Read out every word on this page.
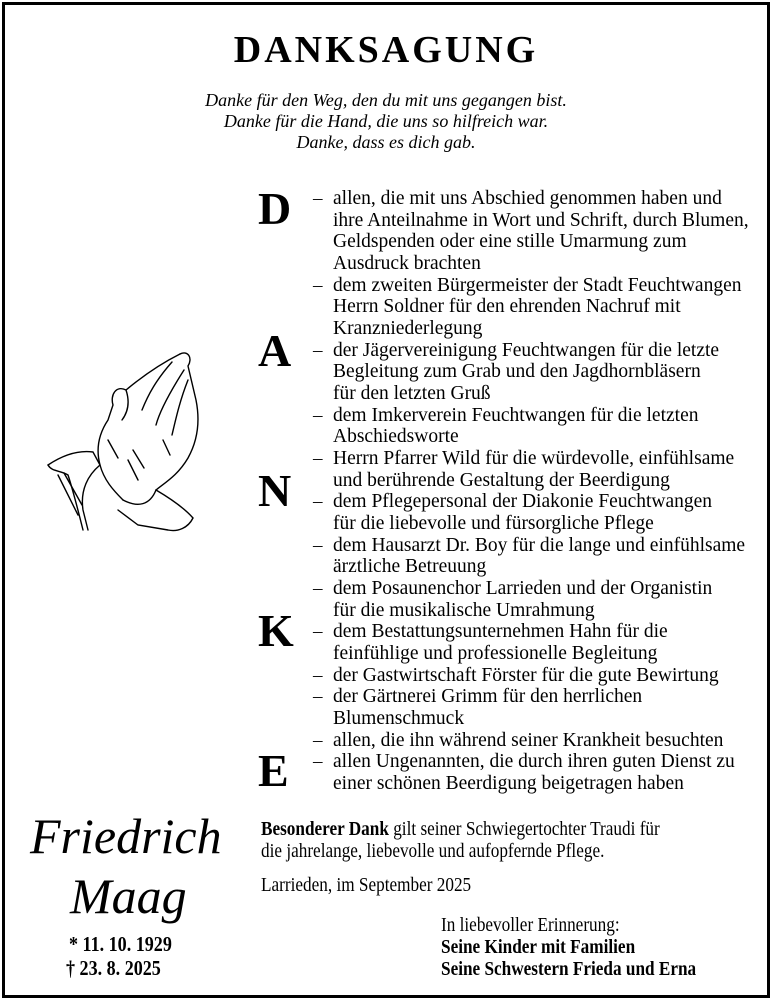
DANKSAGUNG
Danke für den Weg, den du mit uns gegangen bist.
Danke für die Hand, die uns so hilfreich war.
Danke, dass es dich gab.
D
A
N
K
E
– allen, die mit uns Abschied genommen haben und
ihre Anteilnahme in Wort und Schrift, durch Blumen,
Geldspenden oder eine stille Umarmung zum
Ausdruck brachten
– dem zweiten Bürgermeister der Stadt Feuchtwangen
Herrn Soldner für den ehrenden Nachruf mit
Kranzniederlegung
– der Jägervereinigung Feuchtwangen für die letzte
Begleitung zum Grab und den Jagdhornbläsern
für den letzten Gruß
– dem Imkerverein Feuchtwangen für die letzten
Abschiedsworte
– Herrn Pfarrer Wild für die würdevolle, einfühlsame
und berührende Gestaltung der Beerdigung
– dem Pflegepersonal der Diakonie Feuchtwangen
für die liebevolle und fürsorgliche Pflege
– dem Hausarzt Dr. Boy für die lange und einfühlsame
ärztliche Betreuung
– dem Posaunenchor Larrieden und der Organistin
für die musikalische Umrahmung
– dem Bestattungsunternehmen Hahn für die
feinfühlige und professionelle Begleitung
– der Gastwirtschaft Förster für die gute Bewirtung
– der Gärtnerei Grimm für den herrlichen
Blumenschmuck
– allen, die ihn während seiner Krankheit besuchten
– allen Ungenannten, die durch ihren guten Dienst zu
einer schönen Beerdigung beigetragen haben
Friedrich
Maag
* 11. 10. 1929
† 23. 8. 2025
Besonderer Dank gilt seiner Schwiegertochter Traudi für
die jahrelange, liebevolle und aufopfernde Pflege.
Larrieden, im September 2025
In liebevoller Erinnerung:
Seine Kinder mit Familien
Seine Schwestern Frieda und Erna
